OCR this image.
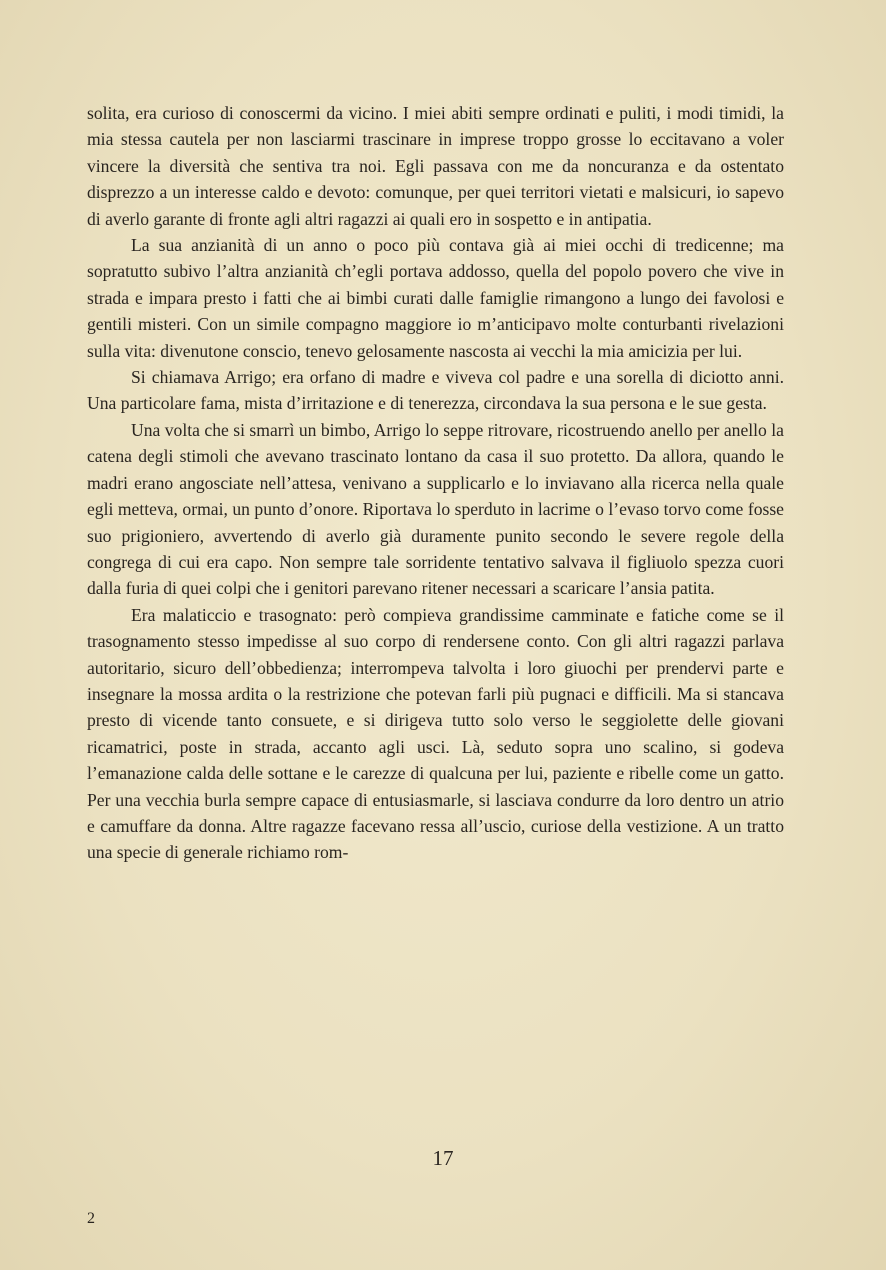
solita, era curioso di conoscermi da vicino. I miei abiti sempre ordinati e puliti, i modi timidi, la mia stessa cautela per non lasciarmi trascinare in imprese troppo grosse lo eccitavano a voler vincere la diversità che sentiva tra noi. Egli passava con me da noncuranza e da ostentato disprezzo a un interesse caldo e devoto: comunque, per quei territori vietati e malsicuri, io sapevo di averlo garante di fronte agli altri ragazzi ai quali ero in sospetto e in antipatia.

La sua anzianità di un anno o poco più contava già ai miei occhi di tredicenne; ma sopratutto subivo l’altra anzianità ch’egli portava addosso, quella del popolo povero che vive in strada e impara presto i fatti che ai bimbi curati dalle famiglie rimangono a lungo dei favolosi e gentili misteri. Con un simile compagno maggiore io m’anticipavo molte conturbanti rivelazioni sulla vita: divenutone conscio, tenevo gelosamente nascosta ai vecchi la mia amicizia per lui.

Si chiamava Arrigo; era orfano di madre e viveva col padre e una sorella di diciotto anni. Una particolare fama, mista d’irritazione e di tenerezza, circondava la sua persona e le sue gesta.

Una volta che si smarrì un bimbo, Arrigo lo seppe ritrovare, ricostruendo anello per anello la catena degli stimoli che avevano trascinato lontano da casa il suo protetto. Da allora, quando le madri erano angosciate nell’attesa, venivano a supplicarlo e lo inviavano alla ricerca nella quale egli metteva, ormai, un punto d’onore. Riportava lo sperduto in lacrime o l’evaso torvo come fosse suo prigioniero, avvertendo di averlo già duramente punito secondo le severe regole della congrega di cui era capo. Non sempre tale sorridente tentativo salvava il figliuolo spezza cuori dalla furia di quei colpi che i genitori parevano ritener necessari a scaricare l’ansia patita.

Era malaticcio e trasognato: però compieva grandissime camminate e fatiche come se il trasognamento stesso impedisse al suo corpo di rendersene conto. Con gli altri ragazzi parlava autoritario, sicuro dell’obbedienza; interrompeva talvolta i loro giuochi per prendervi parte e insegnare la mossa ardita o la restrizione che potevan farli più pugnaci e difficili. Ma si stancava presto di vicende tanto consuete, e si dirigeva tutto solo verso le seggiolette delle giovani ricamatrici, poste in strada, accanto agli usci. Là, seduto sopra uno scalino, si godeva l’emanazione calda delle sottane e le carezze di qualcuna per lui, paziente e ribelle come un gatto. Per una vecchia burla sempre capace di entusiasmarle, si lasciava condurre da loro dentro un atrio e camuffare da donna. Altre ragazze facevano ressa all’uscio, curiose della vestizione. A un tratto una specie di generale richiamo rom-

17
2
